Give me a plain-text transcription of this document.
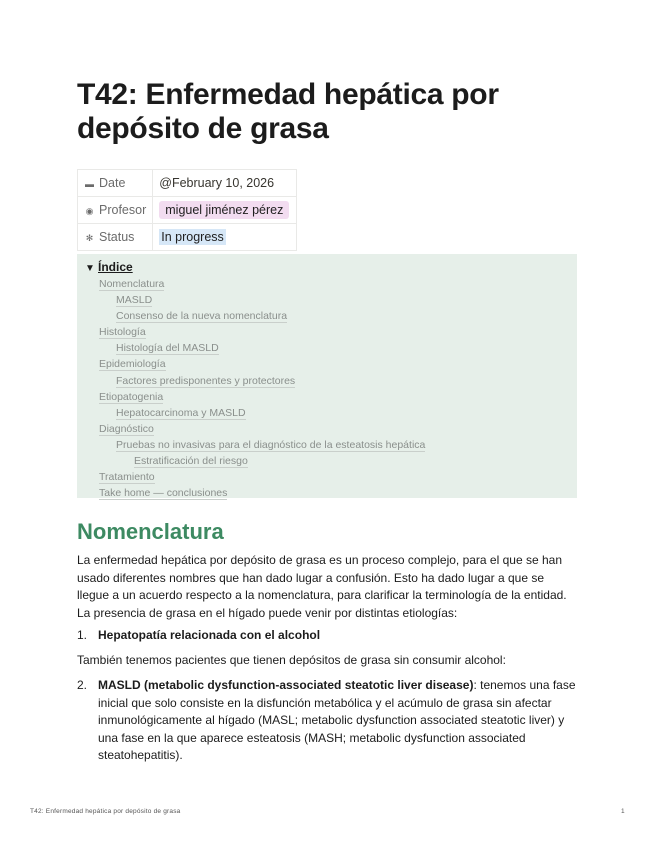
T42: Enfermedad hepática por depósito de grasa
▬ Date	@February 10, 2026
◉ Profesor	miguel jiménez pérez
✻ Status	In progress
▼ Índice
Nomenclatura
MASLD
Consenso de la nueva nomenclatura
Histología
Histología del MASLD
Epidemiología
Factores predisponentes y protectores
Etiopatogenia
Hepatocarcinoma y MASLD
Diagnóstico
Pruebas no invasivas para el diagnóstico de la esteatosis hepática
Estratificación del riesgo
Tratamiento
Take home — conclusiones
Nomenclatura
La enfermedad hepática por depósito de grasa es un proceso complejo, para el que se han usado diferentes nombres que han dado lugar a confusión. Esto ha dado lugar a que se llegue a un acuerdo respecto a la nomenclatura, para clarificar la terminología de la entidad. La presencia de grasa en el hígado puede venir por distintas etiologías:
1. Hepatopatía relacionada con el alcohol
También tenemos pacientes que tienen depósitos de grasa sin consumir alcohol:
2. MASLD (metabolic dysfunction-associated steatotic liver disease): tenemos una fase inicial que solo consiste en la disfunción metabólica y el acúmulo de grasa sin afectar inmunológicamente al hígado (MASL; metabolic dysfunction associated steatotic liver) y una fase en la que aparece esteatosis (MASH; metabolic dysfunction associated steatohepatitis).
T42: Enfermedad hepática por depósito de grasa	1
